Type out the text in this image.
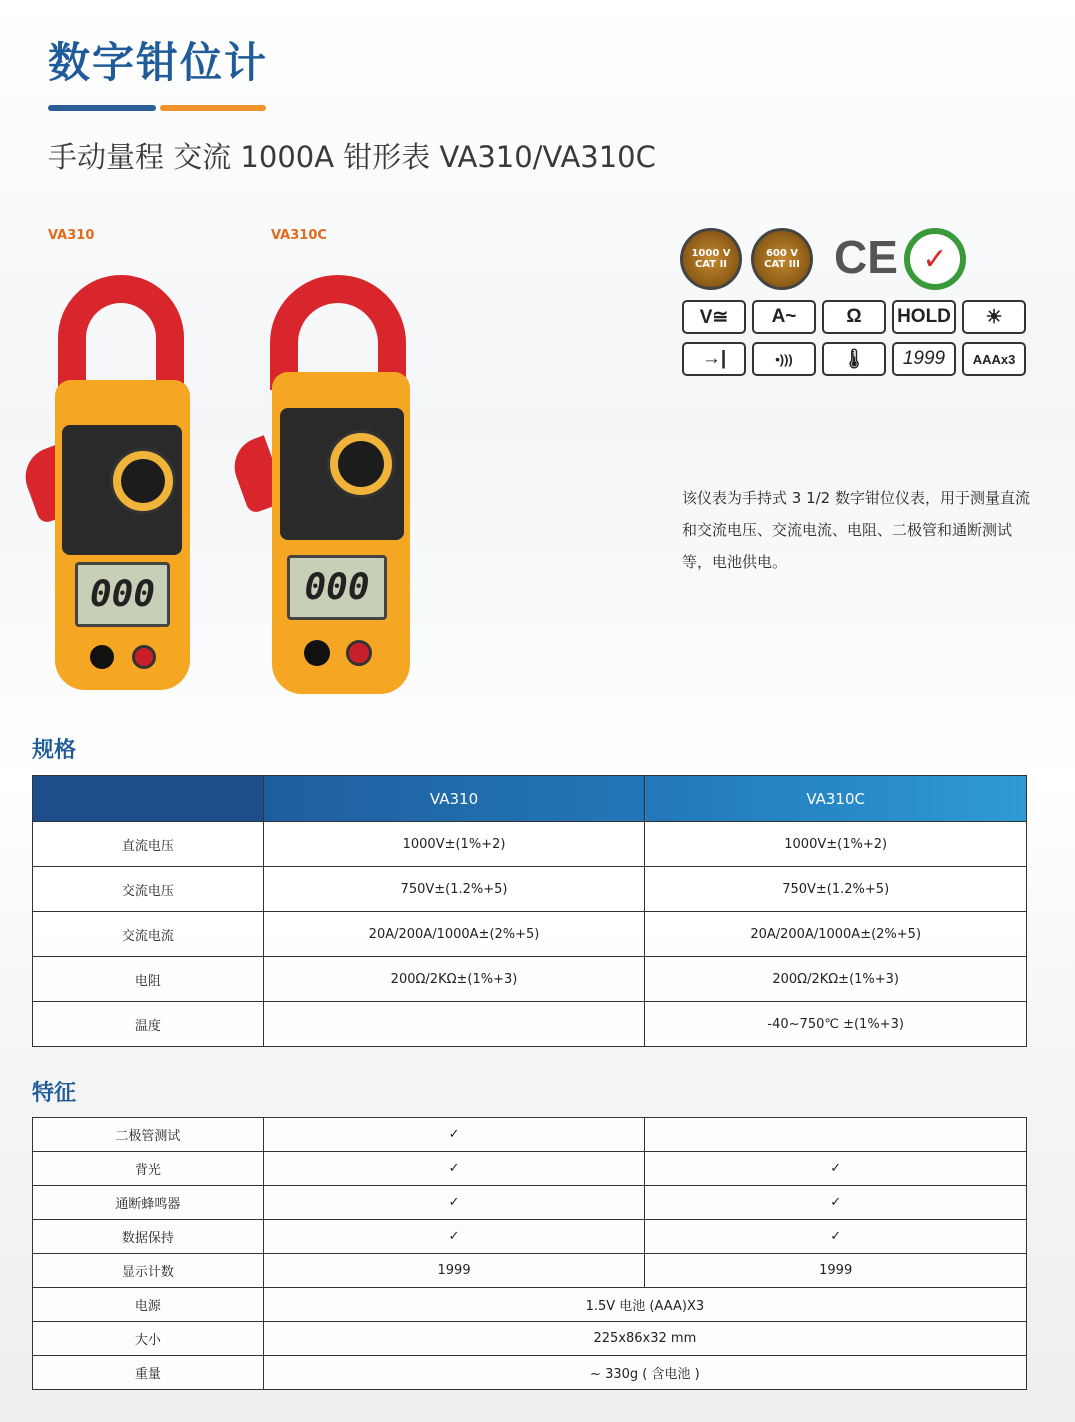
数字钳位计
手动量程 交流 1000A 钳形表 VA310/VA310C
VA310	VA310C
000	000
1000 V
CAT II
600 V
CAT III CE ✓
V≅	A~	Ω	HOLD	☀
→|	•)))	🌡	1999	AAAx3
该仪表为手持式 3 1/2 数字钳位仪表，用于测量直流和交流电压、交流电流、电阻、二极管和通断测试等，电池供电。
规格
	VA310	VA310C
直流电压	1000V±(1%+2)	1000V±(1%+2)
交流电压	750V±(1.2%+5)	750V±(1.2%+5)
交流电流	20A/200A/1000A±(2%+5)	20A/200A/1000A±(2%+5)
电阻	200Ω/2KΩ±(1%+3)	200Ω/2KΩ±(1%+3)
温度		-40~750℃ ±(1%+3)
特征
二极管测试	✓	
背光	✓	✓
通断蜂鸣器	✓	✓
数据保持	✓	✓
显示计数	1999	1999
电源	1.5V 电池 (AAA)X3	
大小	225x86x32 mm	
重量	~ 330g ( 含电池 )	
